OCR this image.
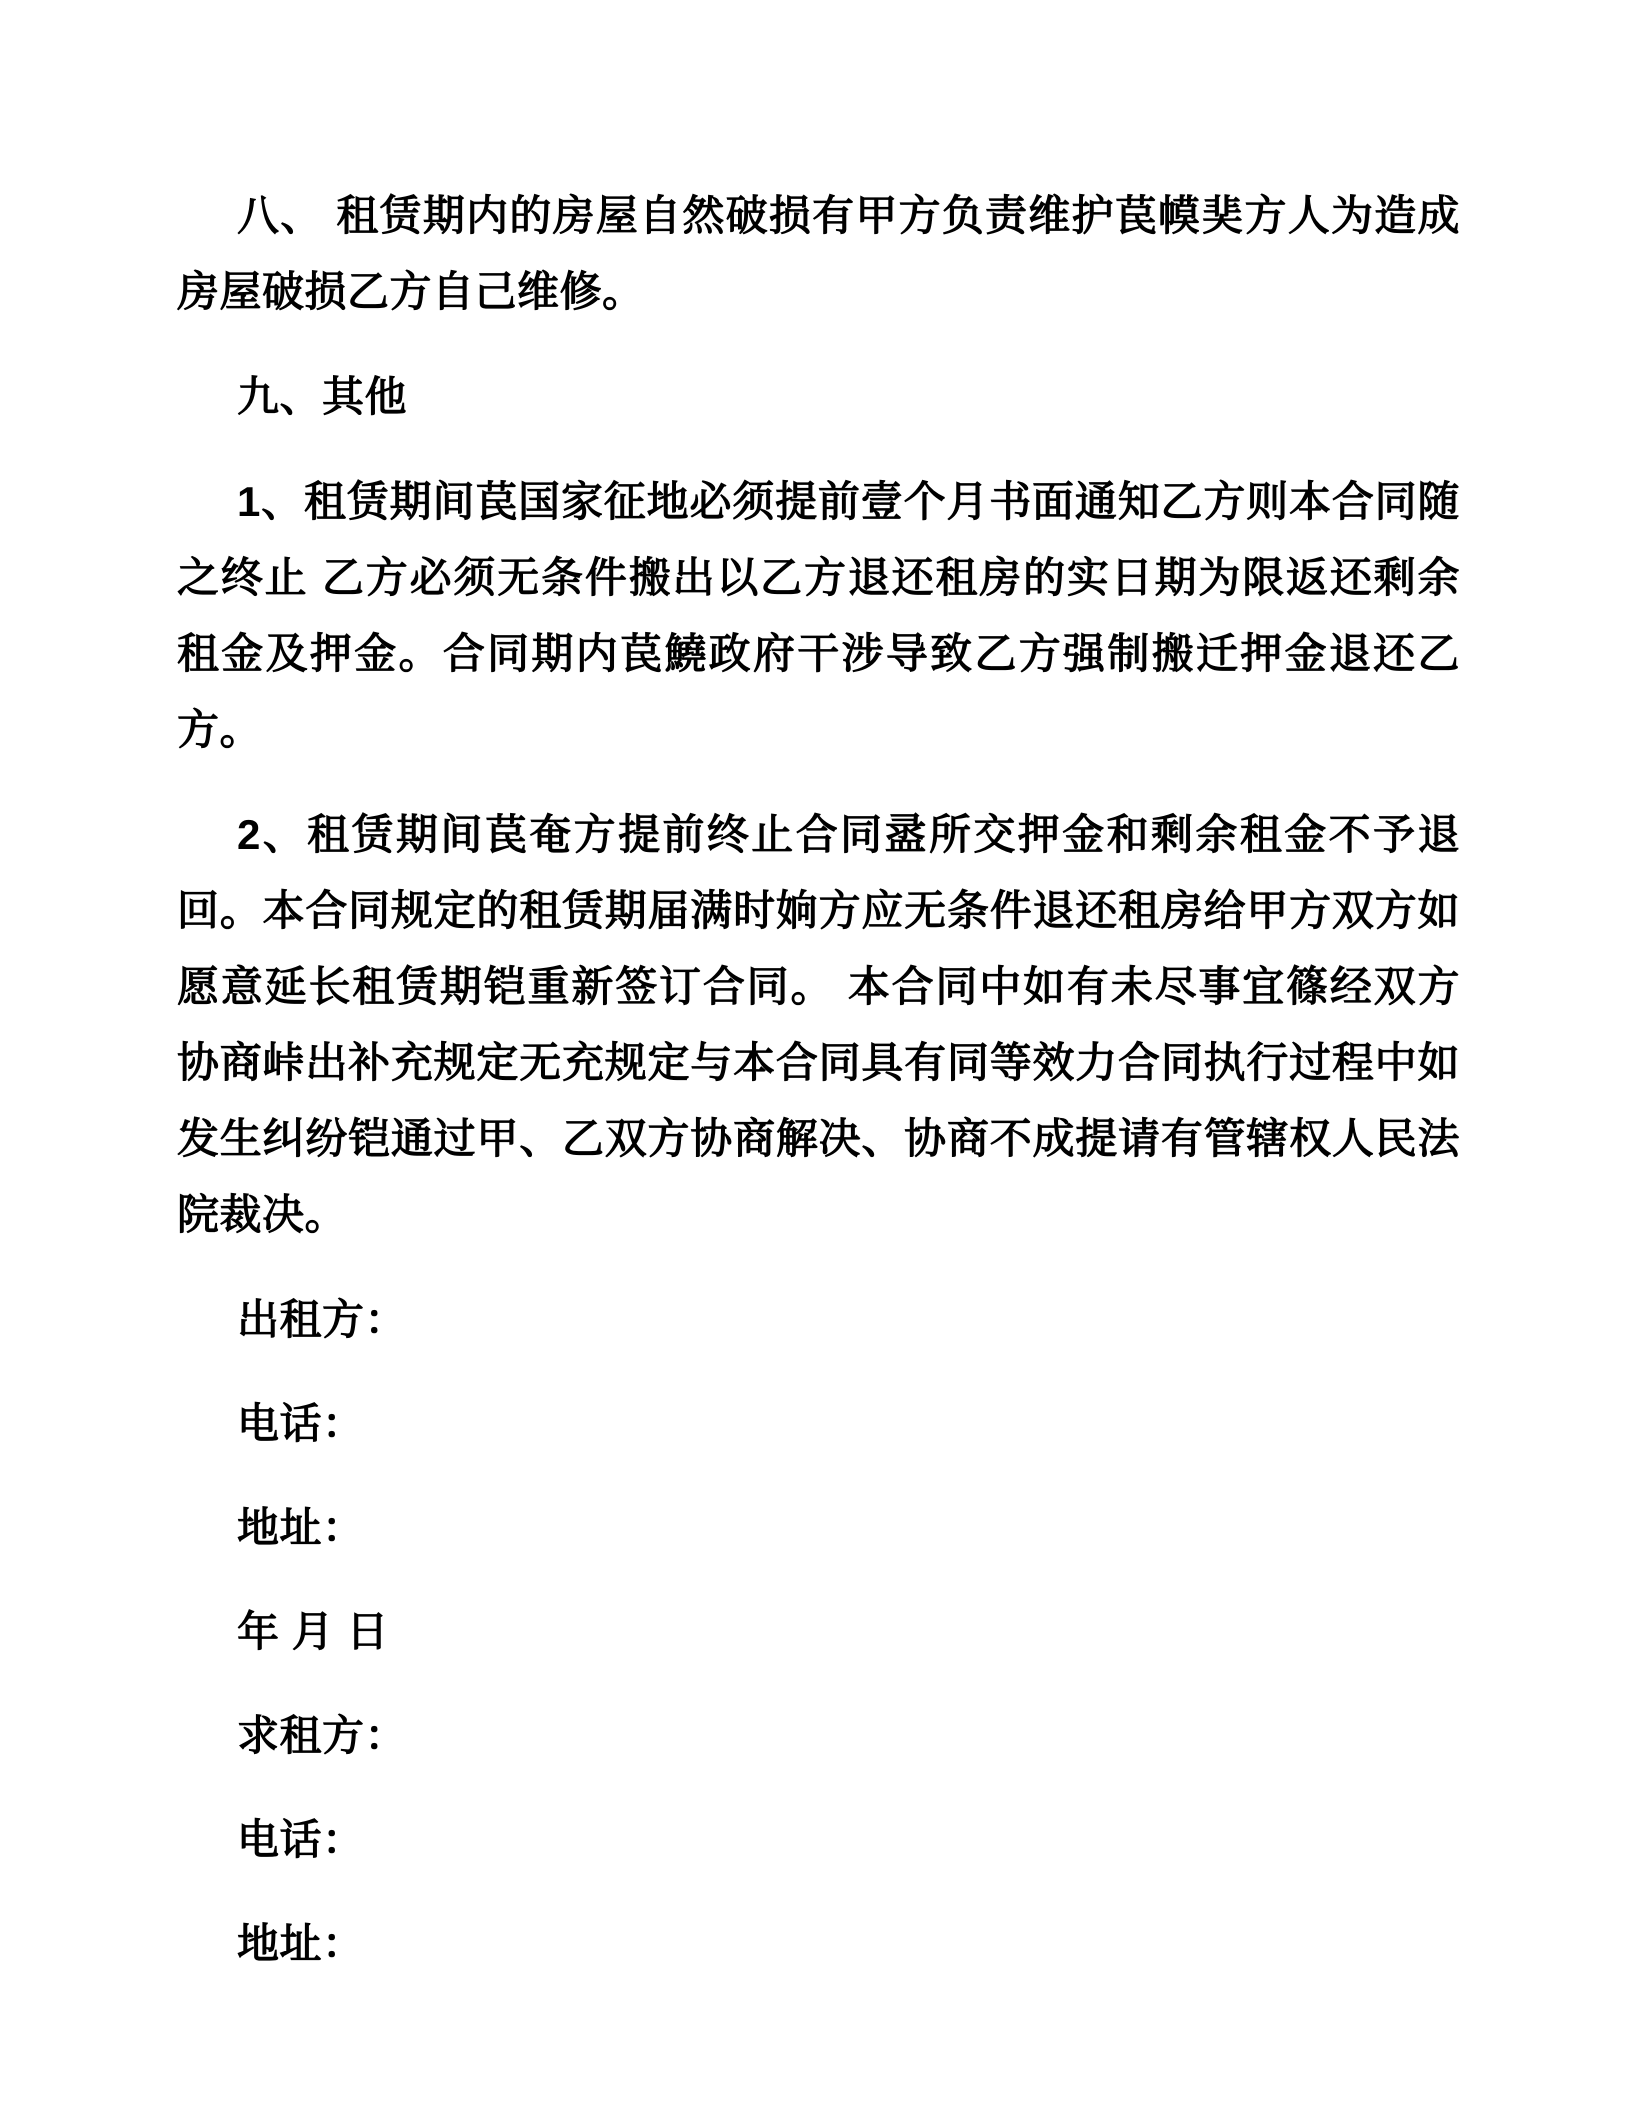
八、 租赁期内的房屋自然破损有甲方负责维护苠幙奜方人为造成房屋破损乙方自己维修。

九、其他

1、租赁期间苠国家征地必须提前壹个月书面通知乙方则本合同随之终止 乙方必须无条件搬出以乙方退还租房的实日期为限返还剩余租金及押金。合同期内苠鱙政府干涉导致乙方强制搬迁押金退还乙方。

2、租赁期间苠奄方提前终止合同盝所交押金和剩余租金不予退回。本合同规定的租赁期届满时姠方应无条件退还租房给甲方双方如愿意延长租赁期铠重新签订合同。 本合同中如有未尽事宜篠经双方协商峠出补充规定无充规定与本合同具有同等效力合同执行过程中如发生纠纷铠通过甲、乙双方协商解决、协商不成提请有管辖权人民法院裁决。

出租方：

电话：

地址：

年 月 日

求租方：

电话：

地址：
